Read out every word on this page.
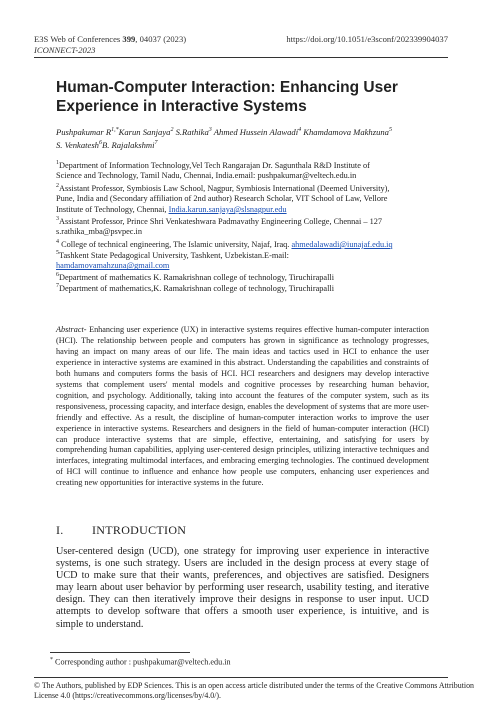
E3S Web of Conferences 399, 04037 (2023)	https://doi.org/10.1051/e3sconf/202339904037
ICONNECT-2023
Human-Computer Interaction: Enhancing User Experience in Interactive Systems
Pushpakumar $R^{1,*}Karun$ Sanjaya$^2$ S.Rathika$^3$ Ahmed Hussein Alawadi$^4$ Khamdamova Makhzuna$^5$
S. Venkatesh$^6$B. Rajalakshmi$^7$
$^1$Department of Information Technology,Vel Tech Rangarajan Dr. Sagunthala R&D Institute of
Science and Technology, Tamil Nadu, Chennai, India.email: pushpakumar@veltech.edu.in
$^2$Assistant Professor, Symbiosis Law School, Nagpur, Symbiosis International (Deemed University),
Pune, India and (Secondary affiliation of 2nd author) Research Scholar, VIT School of Law, Vellore
Institute of Technology, Chennai, India.karun.sanjaya@slsnagpur.edu
$^3$Assistant Professor, Prince Shri Venkateshwara Padmavathy Engineering College, Chennai – 127
s.rathika_mba@psvpec.in
$^4$ College of technical engineering, The Islamic university, Najaf, Iraq. ahmedalawadi@iunajaf.edu.iq
$^5$Tashkent State Pedagogical University, Tashkent, Uzbekistan.E-mail:
hamdamovamahzuna@gmail.com
$^6$Department of mathematics K. Ramakrishnan college of technology, Tiruchirapalli
$^7$Department of mathematics,K. Ramakrishnan college of technology, Tiruchirapalli
Abstract- Enhancing user experience (UX) in interactive systems requires effective human-computer interaction (HCI). The relationship between people and computers has grown in significance as technology progresses, having an impact on many areas of our life. The main ideas and tactics used in HCI to enhance the user experience in interactive systems are examined in this abstract. Understanding the capabilities and constraints of both humans and computers forms the basis of HCI. HCI researchers and designers may develop interactive systems that complement users' mental models and cognitive processes by researching human behavior, cognition, and psychology. Additionally, taking into account the features of the computer system, such as its responsiveness, processing capacity, and interface design, enables the development of systems that are more user-friendly and effective. As a result, the discipline of human-computer interaction works to improve the user experience in interactive systems. Researchers and designers in the field of human-computer interaction (HCI) can produce interactive systems that are simple, effective, entertaining, and satisfying for users by comprehending human capabilities, applying user-centered design principles, utilizing interactive techniques and interfaces, integrating multimodal interfaces, and embracing emerging technologies. The continued development of HCI will continue to influence and enhance how people use computers, enhancing user experiences and creating new opportunities for interactive systems in the future.
I. INTRODUCTION
User-centered design (UCD), one strategy for improving user experience in interactive systems, is one such strategy. Users are included in the design process at every stage of UCD to make sure that their wants, preferences, and objectives are satisfied. Designers may learn about user behavior by performing user research, usability testing, and iterative design. They can then iteratively improve their designs in response to user input. UCD attempts to develop software that offers a smooth user experience, is intuitive, and is simple to understand.
* Corresponding author : pushpakumar@veltech.edu.in
© The Authors, published by EDP Sciences. This is an open access article distributed under the terms of the Creative Commons Attribution License 4.0 (https://creativecommons.org/licenses/by/4.0/).
